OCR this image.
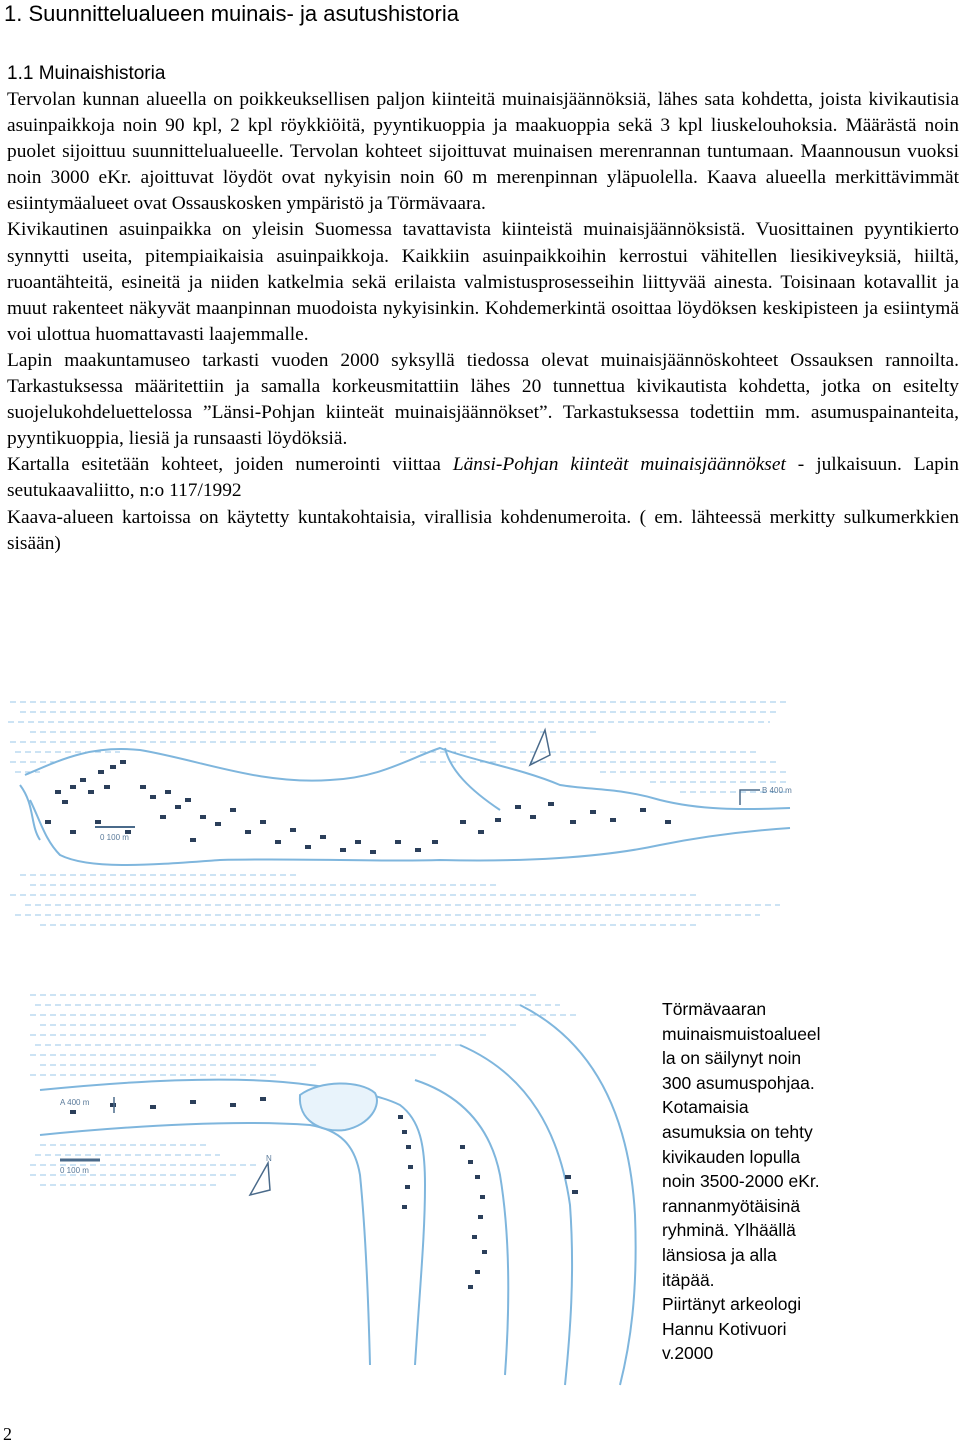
1. Suunnittelualueen muinais- ja asutushistoria
1.1 Muinaishistoria

Tervolan kunnan alueella on poikkeuksellisen paljon kiinteitä muinaisjäännöksiä, lähes sata kohdetta, joista kivikautisia asuinpaikkoja noin 90 kpl, 2 kpl röykkiöitä, pyyntikuoppia ja maakuoppia sekä 3 kpl liuskelouhoksia. Määrästä noin puolet sijoittuu suunnittelualueelle. Tervolan kohteet sijoittuvat muinaisen merenrannan tuntumaan. Maannousun vuoksi noin 3000 eKr. ajoittuvat löydöt ovat nykyisin noin 60 m merenpinnan yläpuolella. Kaava alueella merkittävimmät esiintymäalueet ovat Ossauskosken ympäristö ja Törmävaara.

Kivikautinen asuinpaikka on yleisin Suomessa tavattavista kiinteistä muinaisjäännöksistä. Vuosittainen pyyntikierto synnytti useita, pitempiaikaisia asuinpaikkoja. Kaikkiin asuinpaikkoihin kerrostui vähitellen liesikiveyksiä, hiiltä, ruoantähteitä, esineitä ja niiden katkelmia sekä erilaista valmistusprosesseihin liittyvää ainesta. Toisinaan kotavallit ja muut rakenteet näkyvät maanpinnan muodoista nykyisinkin. Kohdemerkintä osoittaa löydöksen keskipisteen ja esiintymä voi ulottua huomattavasti laajemmalle.

Lapin maakuntamuseo tarkasti vuoden 2000 syksyllä tiedossa olevat muinaisjäännöskohteet Ossauksen rannoilta. Tarkastuksessa määritettiin ja samalla korkeusmitattiin lähes 20 tunnettua kivikautista kohdetta, jotka on esitelty suojelukohdeluettelossa ”Länsi-Pohjan kiinteät muinaisjäännökset”. Tarkastuksessa todettiin mm. asumuspainanteita, pyyntikuoppia, liesiä ja runsaasti löydöksiä.

Kartalla esitetään kohteet, joiden numerointi viittaa Länsi-Pohjan kiinteät muinaisjäännökset - julkaisuun. Lapin seutukaavaliitto, n:o 117/1992

Kaava-alueen kartoissa on käytetty kuntakohtaisia, virallisia kohdenumeroita. ( em. lähteessä merkitty sulkumerkkien sisään)

0 100 m
B 400 m
N
A 400 m
0 100 m
Törmävaaran
muinaismuistoalueel
la on säilynyt noin
300 asumuspohjaa.
Kotamaisia
asumuksia on tehty
kivikauden lopulla
noin 3500-2000 eKr.
rannanmyötäisinä
ryhminä. Ylhäällä
länsiosa ja alla
itäpää.
Piirtänyt arkeologi
Hannu Kotivuori
v.2000
2
